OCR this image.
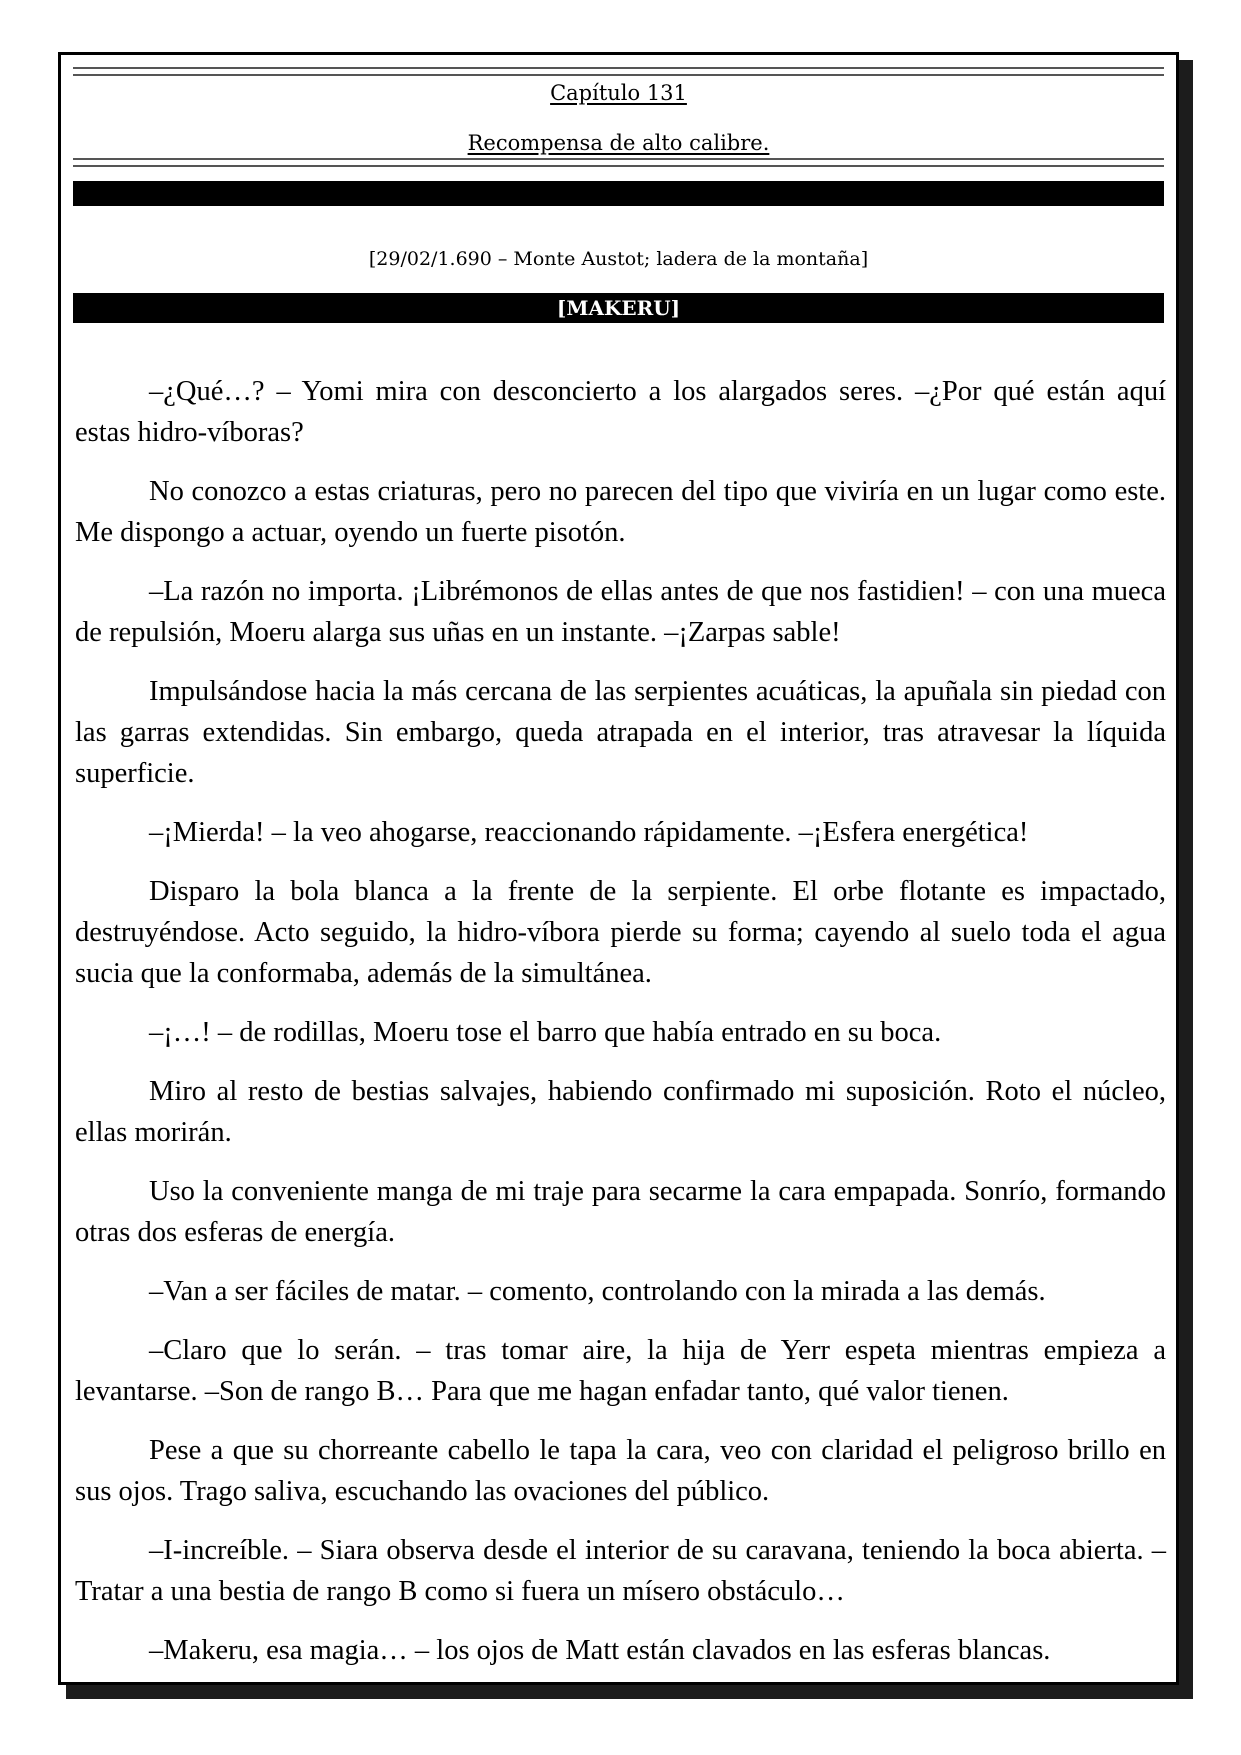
Capítulo 131
Recompensa de alto calibre.
[29/02/1.690 – Monte Austot; ladera de la montaña]
[MAKERU]

–¿Qué…? – Yomi mira con desconcierto a los alargados seres. –¿Por qué están aquí estas hidro-víboras?

No conozco a estas criaturas, pero no parecen del tipo que viviría en un lugar como este. Me dispongo a actuar, oyendo un fuerte pisotón.

–La razón no importa. ¡Librémonos de ellas antes de que nos fastidien! – con una mueca de repulsión, Moeru alarga sus uñas en un instante. –¡Zarpas sable!

Impulsándose hacia la más cercana de las serpientes acuáticas, la apuñala sin piedad con las garras extendidas. Sin embargo, queda atrapada en el interior, tras atravesar la líquida superficie.

–¡Mierda! – la veo ahogarse, reaccionando rápidamente. –¡Esfera energética!

Disparo la bola blanca a la frente de la serpiente. El orbe flotante es impactado, destruyéndose. Acto seguido, la hidro-víbora pierde su forma; cayendo al suelo toda el agua sucia que la conformaba, además de la simultánea.

–¡…! – de rodillas, Moeru tose el barro que había entrado en su boca.

Miro al resto de bestias salvajes, habiendo confirmado mi suposición. Roto el núcleo, ellas morirán.

Uso la conveniente manga de mi traje para secarme la cara empapada. Sonrío, formando otras dos esferas de energía.

–Van a ser fáciles de matar. – comento, controlando con la mirada a las demás.

–Claro que lo serán. – tras tomar aire, la hija de Yerr espeta mientras empieza a levantarse. –Son de rango B… Para que me hagan enfadar tanto, qué valor tienen.

Pese a que su chorreante cabello le tapa la cara, veo con claridad el peligroso brillo en sus ojos. Trago saliva, escuchando las ovaciones del público.

–I-increíble. – Siara observa desde el interior de su caravana, teniendo la boca abierta. –Tratar a una bestia de rango B como si fuera un mísero obstáculo…

–Makeru, esa magia… – los ojos de Matt están clavados en las esferas blancas.
